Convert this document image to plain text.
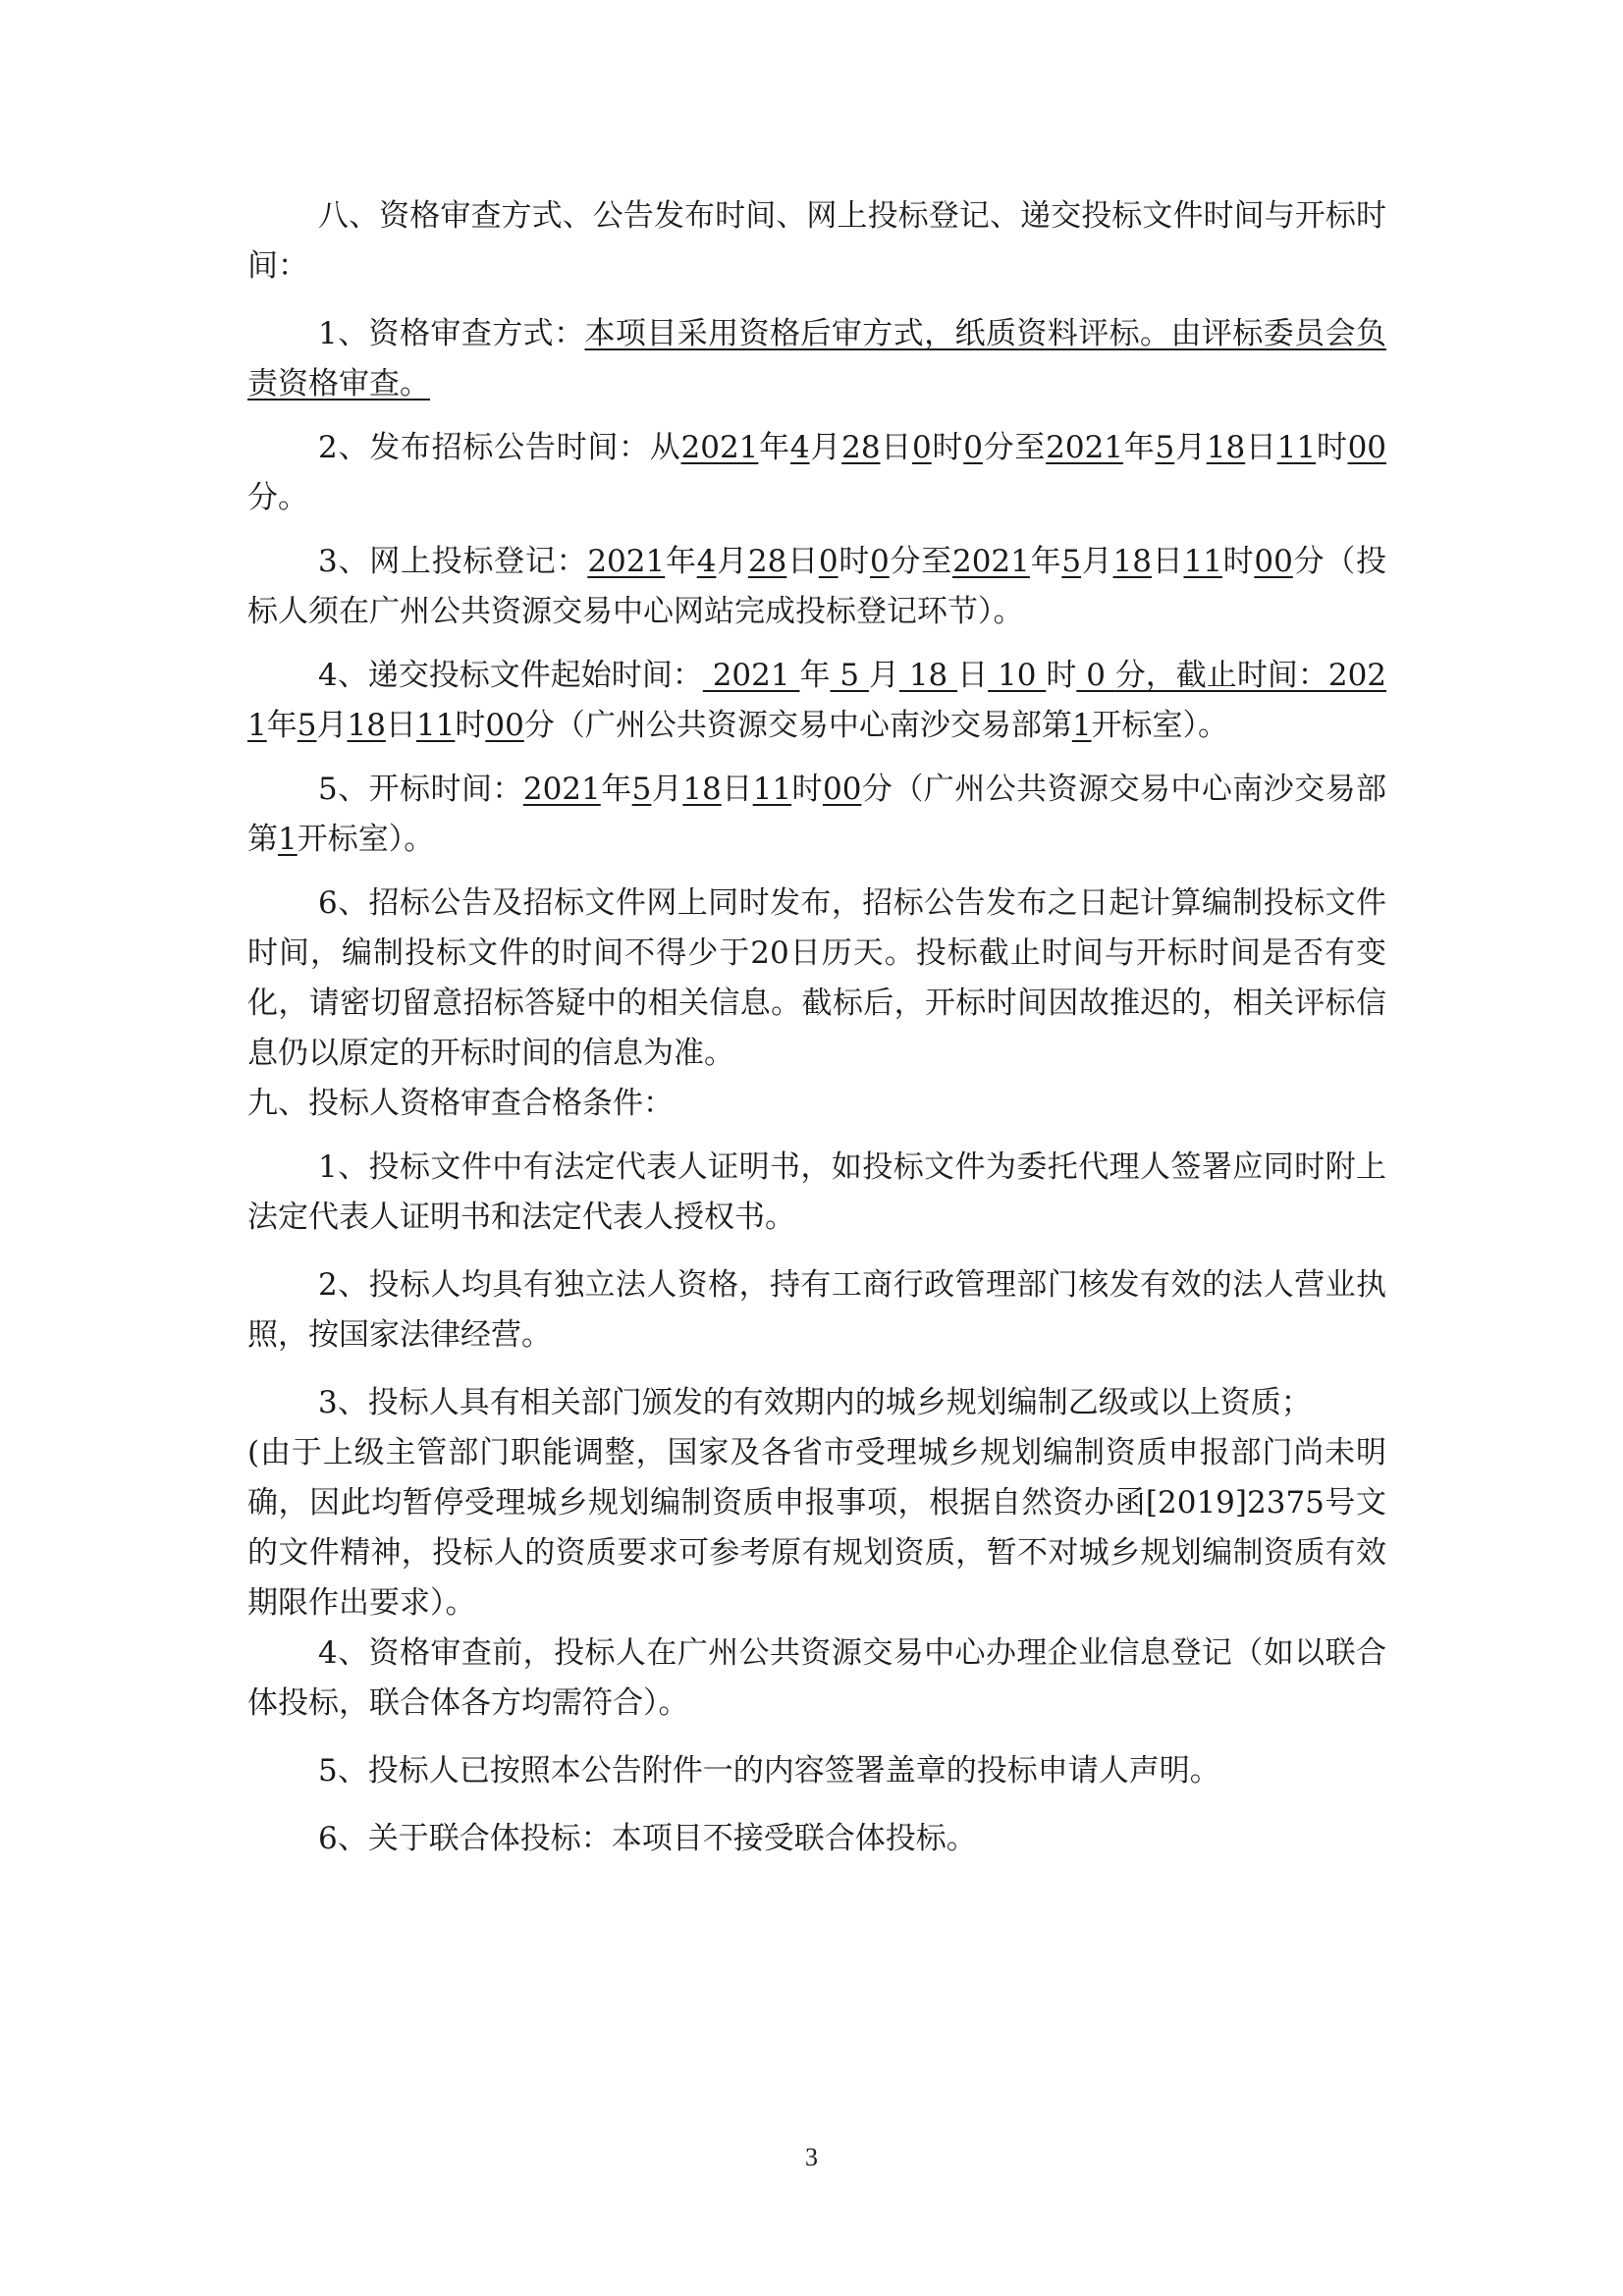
八、资格审查方式、公告发布时间、网上投标登记、递交投标文件时间与开标时间：

1、资格审查方式：本项目采用资格后审方式，纸质资料评标。由评标委员会负责资格审查。

2、发布招标公告时间：从2021年4月28日0时0分至2021年5月18日11时00分。

3、网上投标登记：2021年4月28日0时0分至2021年5月18日11时00分（投标人须在广州公共资源交易中心网站完成投标登记环节）。

4、递交投标文件起始时间： 2021 年 5 月 18 日 10 时 0 分，截止时间：2021年5月18日11时00分（广州公共资源交易中心南沙交易部第1开标室）。

5、开标时间：2021年5月18日11时00分（广州公共资源交易中心南沙交易部第1开标室）。

6、招标公告及招标文件网上同时发布，招标公告发布之日起计算编制投标文件时间，编制投标文件的时间不得少于20日历天。投标截止时间与开标时间是否有变化，请密切留意招标答疑中的相关信息。截标后，开标时间因故推迟的，相关评标信息仍以原定的开标时间的信息为准。

九、投标人资格审查合格条件：

1、投标文件中有法定代表人证明书，如投标文件为委托代理人签署应同时附上法定代表人证明书和法定代表人授权书。

2、投标人均具有独立法人资格，持有工商行政管理部门核发有效的法人营业执照，按国家法律经营。

3、投标人具有相关部门颁发的有效期内的城乡规划编制乙级或以上资质；

(由于上级主管部门职能调整，国家及各省市受理城乡规划编制资质申报部门尚未明确，因此均暂停受理城乡规划编制资质申报事项，根据自然资办函[2019]2375号文的文件精神，投标人的资质要求可参考原有规划资质，暂不对城乡规划编制资质有效期限作出要求）。

4、资格审查前，投标人在广州公共资源交易中心办理企业信息登记（如以联合体投标，联合体各方均需符合）。

5、投标人已按照本公告附件一的内容签署盖章的投标申请人声明。

6、关于联合体投标：本项目不接受联合体投标。

3
